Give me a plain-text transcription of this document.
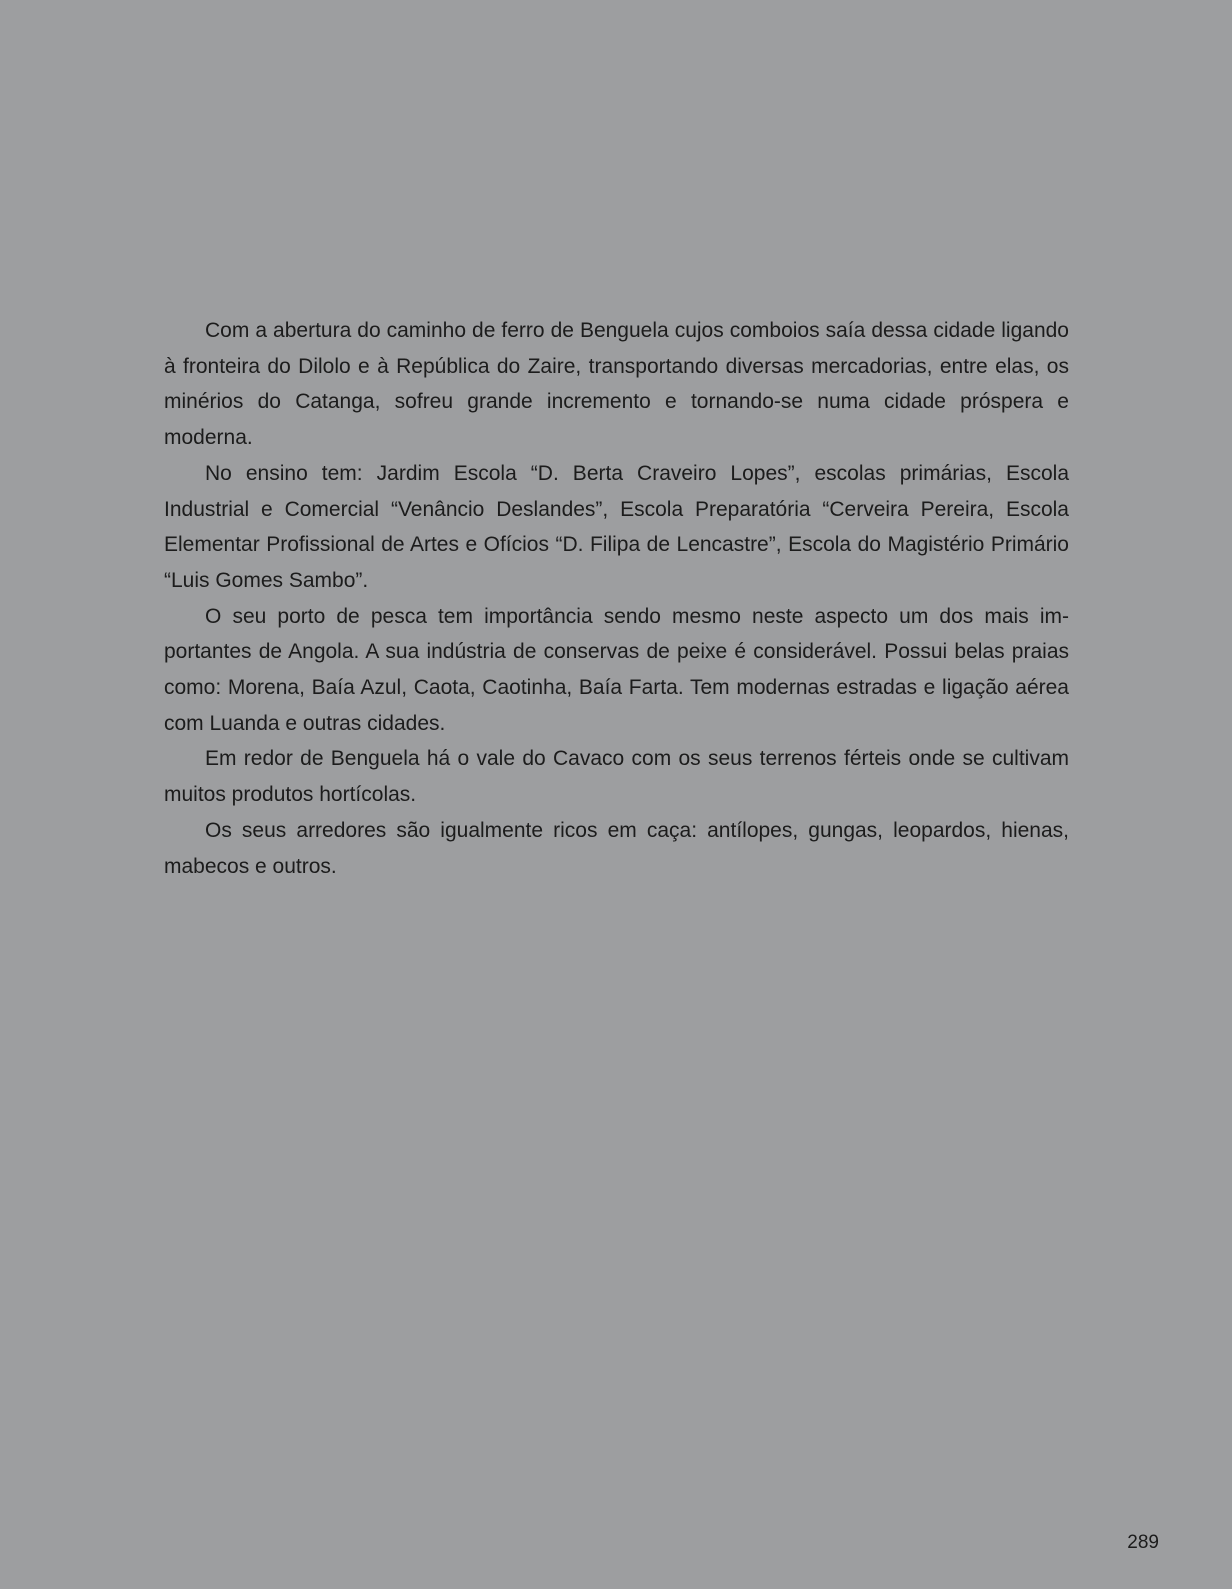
Com a abertura do caminho de ferro de Benguela cujos comboios saía dessa cidade ligando à fronteira do Dilolo e à República do Zaire, transportando diversas mercadorias, entre elas, os minérios do Catanga, sofreu grande incremento e tornando-se numa cidade próspera e moderna.

No ensino tem: Jardim Escola “D. Berta Craveiro Lopes”, escolas primárias, Escola Industrial e Comercial “Venâncio Deslandes”, Escola Preparatória “Cerveira Pereira, Escola Elementar Profissional de Artes e Ofícios “D. Filipa de Lencastre”, Escola do Magistério Primário “Luis Gomes Sambo”.

O seu porto de pesca tem importância sendo mesmo neste aspecto um dos mais importantes de Angola. A sua indústria de conservas de peixe é considerável. Possui belas praias como: Morena, Baía Azul, Caota, Caotinha, Baía Farta. Tem modernas estradas e ligação aérea com Luanda e outras cidades.

Em redor de Benguela há o vale do Cavaco com os seus terrenos férteis onde se cultivam muitos produtos hortícolas.

Os seus arredores são igualmente ricos em caça: antílopes, gungas, leopardos, hienas, mabecos e outros.

289
